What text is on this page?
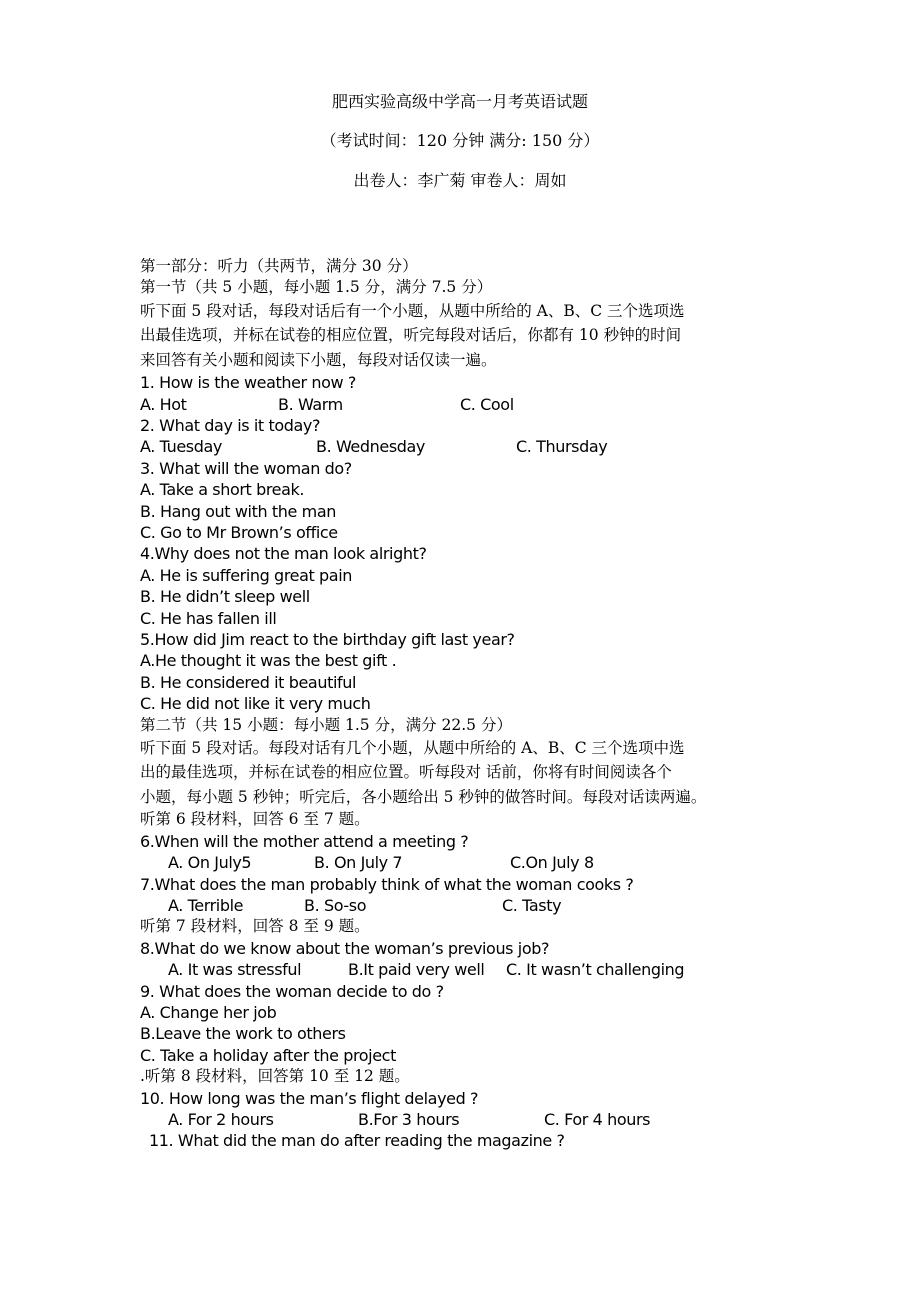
肥西实验高级中学高一月考英语试题
（考试时间：120 分钟 满分: 150 分）
出卷人：李广菊 审卷人：周如
第一部分：听力（共两节，满分 30 分）
第一节（共 5 小题，每小题 1.5 分，满分 7.5 分）
听下面 5 段对话，每段对话后有一个小题，从题中所给的 A、B、C 三个选项选
出最佳选项，并标在试卷的相应位置，听完每段对话后，你都有 10 秒钟的时间
来回答有关小题和阅读下小题，每段对话仅读一遍。
1. How is the weather now ?
A. Hot	B. Warm	C. Cool
2. What day is it today?
A. Tuesday	B. Wednesday	C. Thursday
3. What will the woman do?
A. Take a short break.
B. Hang out with the man
C. Go to Mr Brown’s office
4.Why does not the man look alright?
A. He is suffering great pain
B. He didn’t sleep well
C. He has fallen ill
5.How did Jim react to the birthday gift last year?
A.He thought it was the best gift .
B. He considered it beautiful
C. He did not like it very much
第二节（共 15 小题：每小题 1.5 分，满分 22.5 分）
听下面 5 段对话。每段对话有几个小题，从题中所给的 A、B、C 三个选项中选
出的最佳选项，并标在试卷的相应位置。听每段对 话前，你将有时间阅读各个
小题，每小题 5 秒钟；听完后，各小题给出 5 秒钟的做答时间。每段对话读两遍。
听第 6 段材料，回答 6 至 7 题。
6.When will the mother attend a meeting ?
A. On July5	B. On July 7	C.On July 8
7.What does the man probably think of what the woman cooks ?
A. Terrible	B. So-so	C. Tasty
听第 7 段材料，回答 8 至 9 题。
8.What do we know about the woman’s previous job?
A. It was stressful	B.It paid very well	C. It wasn’t challenging
9. What does the woman decide to do ?
A. Change her job
B.Leave the work to others
C. Take a holiday after the project
.听第 8 段材料，回答第 10 至 12 题。
10. How long was the man’s flight delayed ?
A. For 2 hours	B.For 3 hours	C. For 4 hours
11. What did the man do after reading the magazine ?
